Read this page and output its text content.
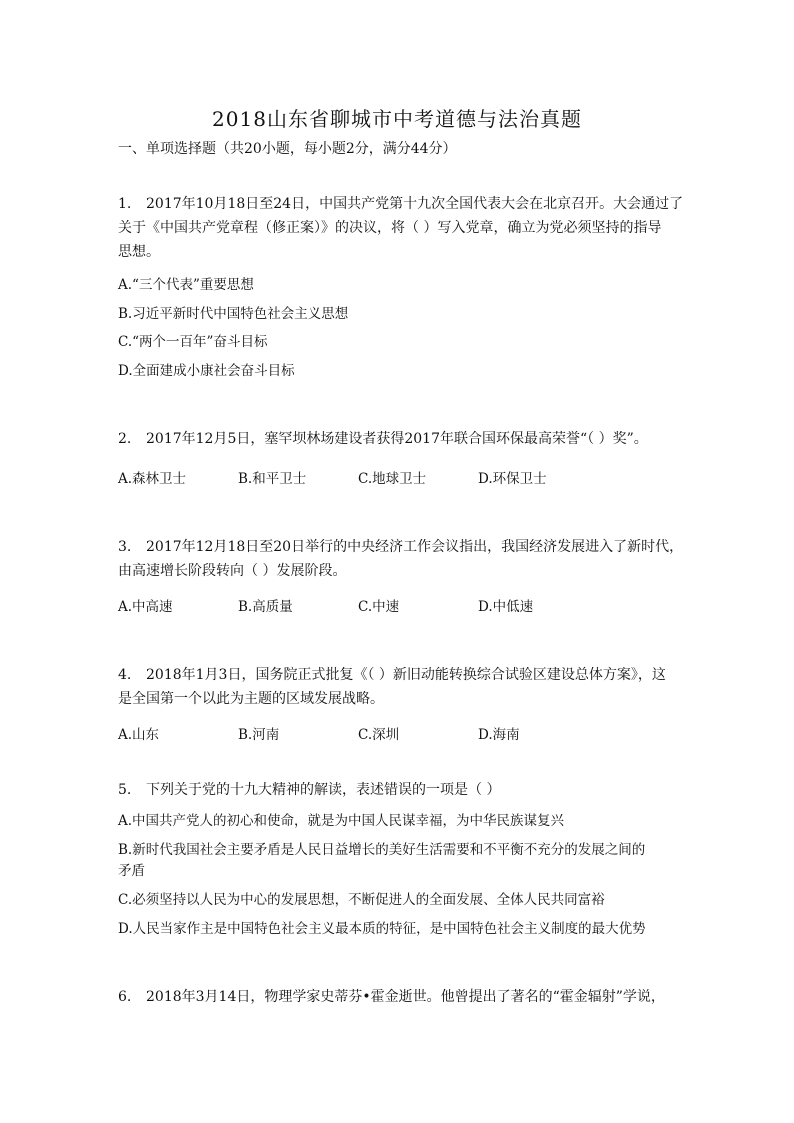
2018山东省聊城市中考道德与法治真题
一、单项选择题（共20小题，每小题2分，满分44分）
1. 2017年10月18日至24日，中国共产党第十九次全国代表大会在北京召开。大会通过了
关于《中国共产党章程（修正案）》的决议，将（ ）写入党章，确立为党必须坚持的指导
思想。
A.“三个代表”重要思想
B.习近平新时代中国特色社会主义思想
C.“两个一百年”奋斗目标
D.全面建成小康社会奋斗目标
2. 2017年12月5日，塞罕坝林场建设者获得2017年联合国环保最高荣誉“（ ）奖”。
A.森林卫士	B.和平卫士	C.地球卫士	D.环保卫士
3. 2017年12月18日至20日举行的中央经济工作会议指出，我国经济发展进入了新时代，
由高速增长阶段转向（ ）发展阶段。
A.中高速	B.高质量	C.中速	D.中低速
4. 2018年1月3日，国务院正式批复《（ ）新旧动能转换综合试验区建设总体方案》，这
是全国第一个以此为主题的区域发展战略。
A.山东	B.河南	C.深圳	D.海南
5. 下列关于党的十九大精神的解读，表述错误的一项是（ ）
A.中国共产党人的初心和使命，就是为中国人民谋幸福，为中华民族谋复兴
B.新时代我国社会主要矛盾是人民日益增长的美好生活需要和不平衡不充分的发展之间的
矛盾
C.必须坚持以人民为中心的发展思想，不断促进人的全面发展、全体人民共同富裕
D.人民当家作主是中国特色社会主义最本质的特征，是中国特色社会主义制度的最大优势
6. 2018年3月14日，物理学家史蒂芬•霍金逝世。他曾提出了著名的“霍金辐射”学说，
